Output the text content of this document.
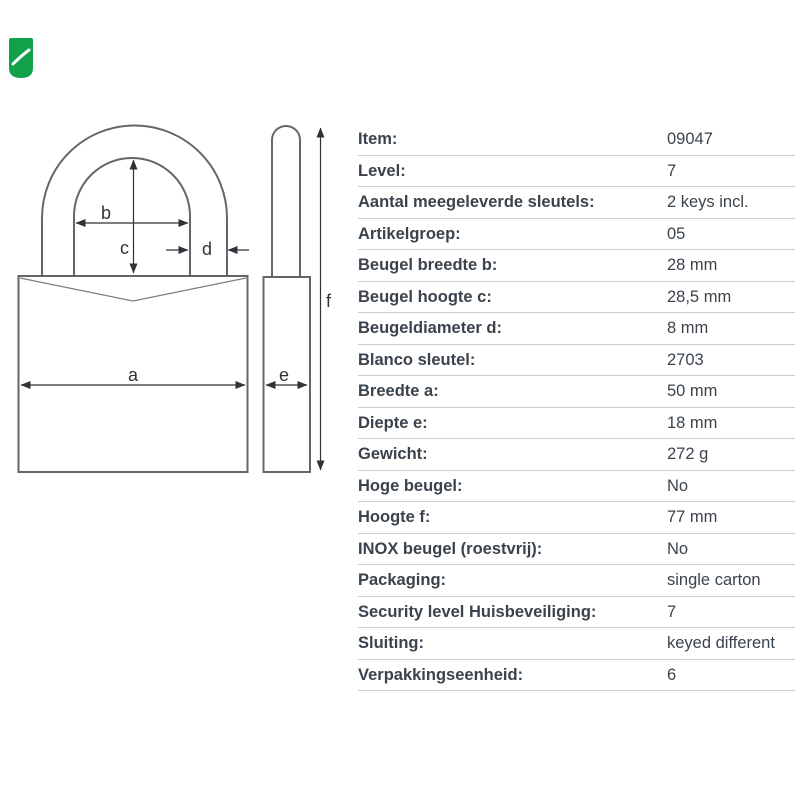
b
c	d
a	e
f
Item:	09047
Level:	7
Aantal meegeleverde sleutels:	2 keys incl.
Artikelgroep:	05
Beugel breedte b:	28 mm
Beugel hoogte c:	28,5 mm
Beugeldiameter d:	8 mm
Blanco sleutel:	2703
Breedte a:	50 mm
Diepte e:	18 mm
Gewicht:	272 g
Hoge beugel:	No
Hoogte f:	77 mm
INOX beugel (roestvrij):	No
Packaging:	single carton
Security level Huisbeveiliging:	7
Sluiting:	keyed different
Verpakkingseenheid:	6
